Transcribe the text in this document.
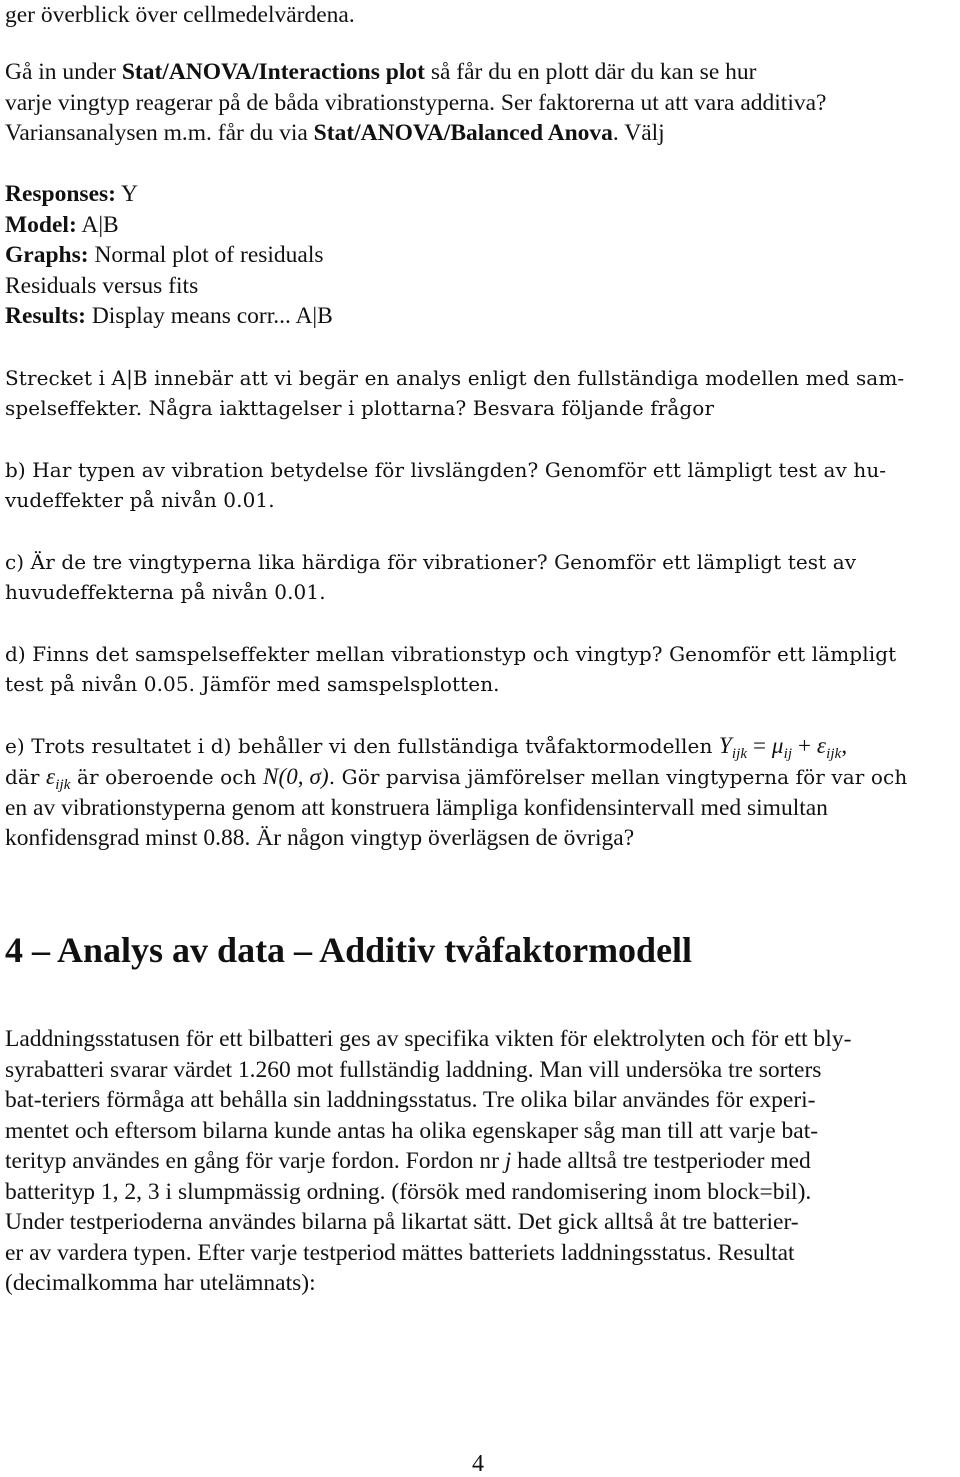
ger överblick över cellmedelvärdena.
Gå in under Stat/ANOVA/Interactions plot så får du en plott där du kan se hur
varje vingtyp reagerar på de båda vibrationstyperna. Ser faktorerna ut att vara additiva?
Variansanalysen m.m. får du via Stat/ANOVA/Balanced Anova. Välj
Responses: Y
Model: A|B
Graphs: Normal plot of residuals
Residuals versus fits
Results: Display means corr... A|B
Strecket i A|B innebär att vi begär en analys enligt den fullständiga modellen med sam-
spelseffekter. Några iakttagelser i plottarna? Besvara följande frågor
b) Har typen av vibration betydelse för livslängden? Genomför ett lämpligt test av hu-
vudeffekter på nivån 0.01.
c) Är de tre vingtyperna lika härdiga för vibrationer? Genomför ett lämpligt test av
huvudeffekterna på nivån 0.01.
d) Finns det samspelseffekter mellan vibrationstyp och vingtyp? Genomför ett lämpligt
test på nivån 0.05. Jämför med samspelsplotten.
e) Trots resultatet i d) behåller vi den fullständiga tvåfaktormodellen $Y_{ijk} = \mu_{ij} + \varepsilon_{ijk}$,
där $\varepsilon_{ijk}$ är oberoende och N(0, σ). Gör parvisa jämförelser mellan vingtyperna för var och
en av vibrationstyperna genom att konstruera lämpliga konfidensintervall med simultan
konfidensgrad minst 0.88. Är någon vingtyp överlägsen de övriga?
4 – Analys av data – Additiv tvåfaktormodell
Laddningsstatusen för ett bilbatteri ges av specifika vikten för elektrolyten och för ett bly-
syrabatteri svarar värdet 1.260 mot fullständig laddning. Man vill undersöka tre sorters
bat-teriers förmåga att behålla sin laddningsstatus. Tre olika bilar användes för experi-
mentet och eftersom bilarna kunde antas ha olika egenskaper såg man till att varje bat-
terityp användes en gång för varje fordon. Fordon nr j hade alltså tre testperioder med
batterityp 1, 2, 3 i slumpmässig ordning. (försök med randomisering inom block=bil).
Under testperioderna användes bilarna på likartat sätt. Det gick alltså åt tre batterier-
er av vardera typen. Efter varje testperiod mättes batteriets laddningsstatus. Resultat
(decimalkomma har utelämnats):
4
